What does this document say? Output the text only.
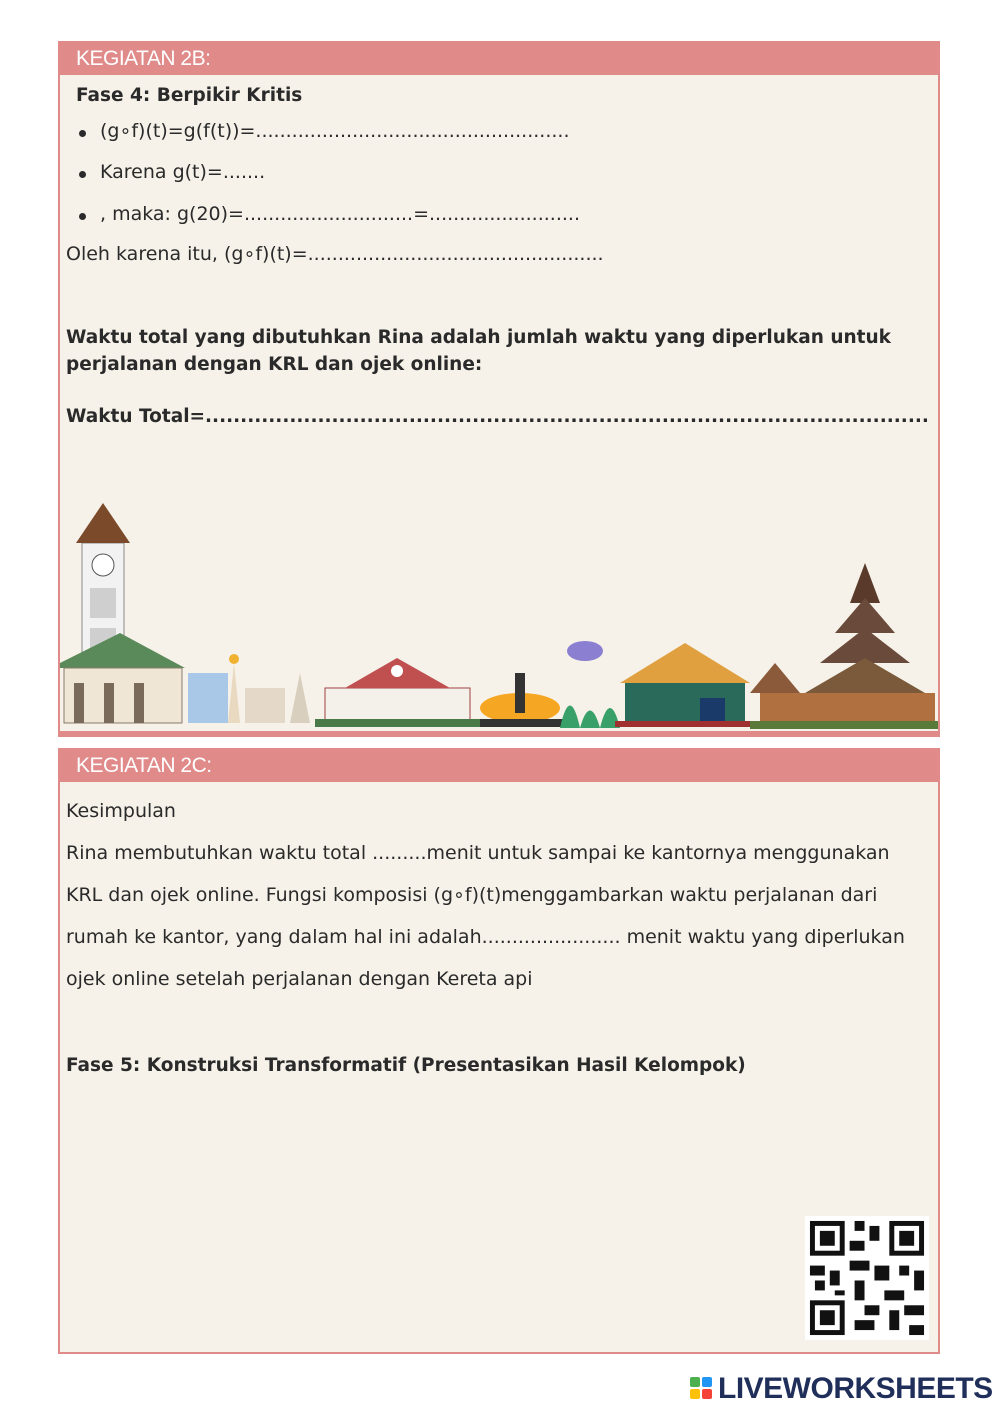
KEGIATAN 2B:
Fase 4: Berpikir Kritis
(g∘f)(t)=g(f(t))=....................................................
Karena g(t)=.......
, maka: g(20)=............................=.........................
Oleh karena itu, (g∘f)(t)=.................................................
Waktu total yang dibutuhkan Rina adalah jumlah waktu yang diperlukan untuk
perjalanan dengan KRL dan ojek online:
Waktu Total=.......................................................................................................
KEGIATAN 2C:
Kesimpulan
Rina membutuhkan waktu total .........menit untuk sampai ke kantornya menggunakan
KRL dan ojek online. Fungsi komposisi (g∘f)(t)menggambarkan waktu perjalanan dari
rumah ke kantor, yang dalam hal ini adalah....................... menit waktu yang diperlukan
ojek online setelah perjalanan dengan Kereta api
Fase 5: Konstruksi Transformatif (Presentasikan Hasil Kelompok)
LIVEWORKSHEETS
